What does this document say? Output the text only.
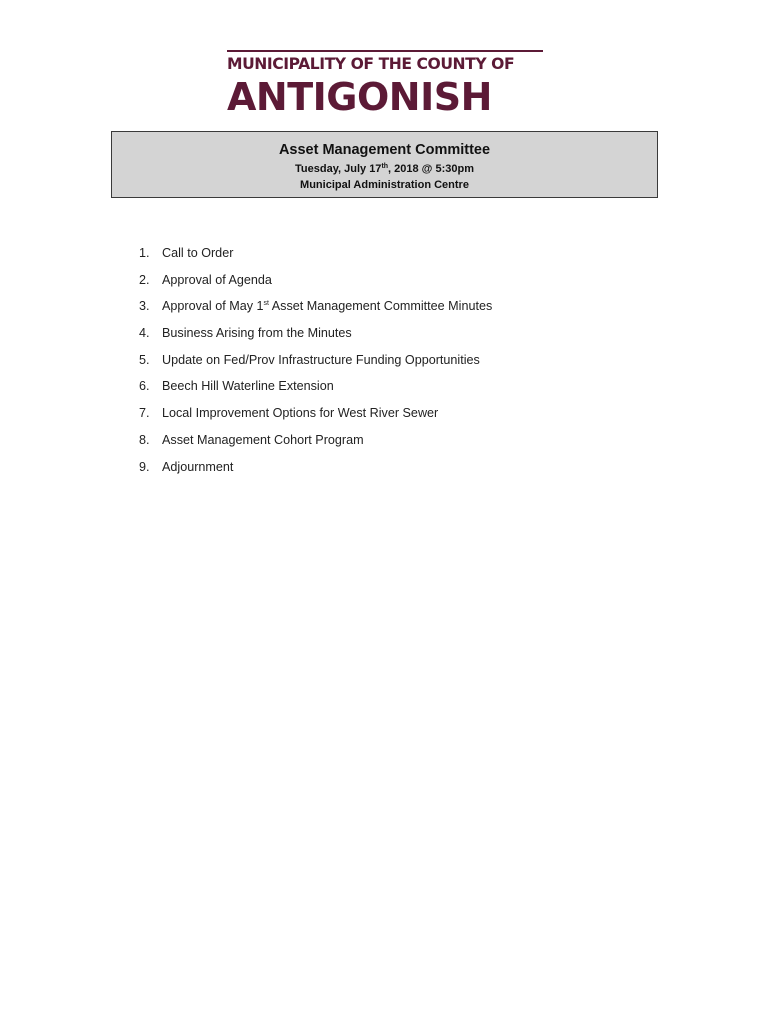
MUNICIPALITY OF THE COUNTY OF
ANTIGONISH
Asset Management Committee
Tuesday, July 17th, 2018 @ 5:30pm
Municipal Administration Centre
1. Call to Order
2. Approval of Agenda
3. Approval of May 1st Asset Management Committee Minutes
4. Business Arising from the Minutes
5. Update on Fed/Prov Infrastructure Funding Opportunities
6. Beech Hill Waterline Extension
7. Local Improvement Options for West River Sewer
8. Asset Management Cohort Program
9. Adjournment
